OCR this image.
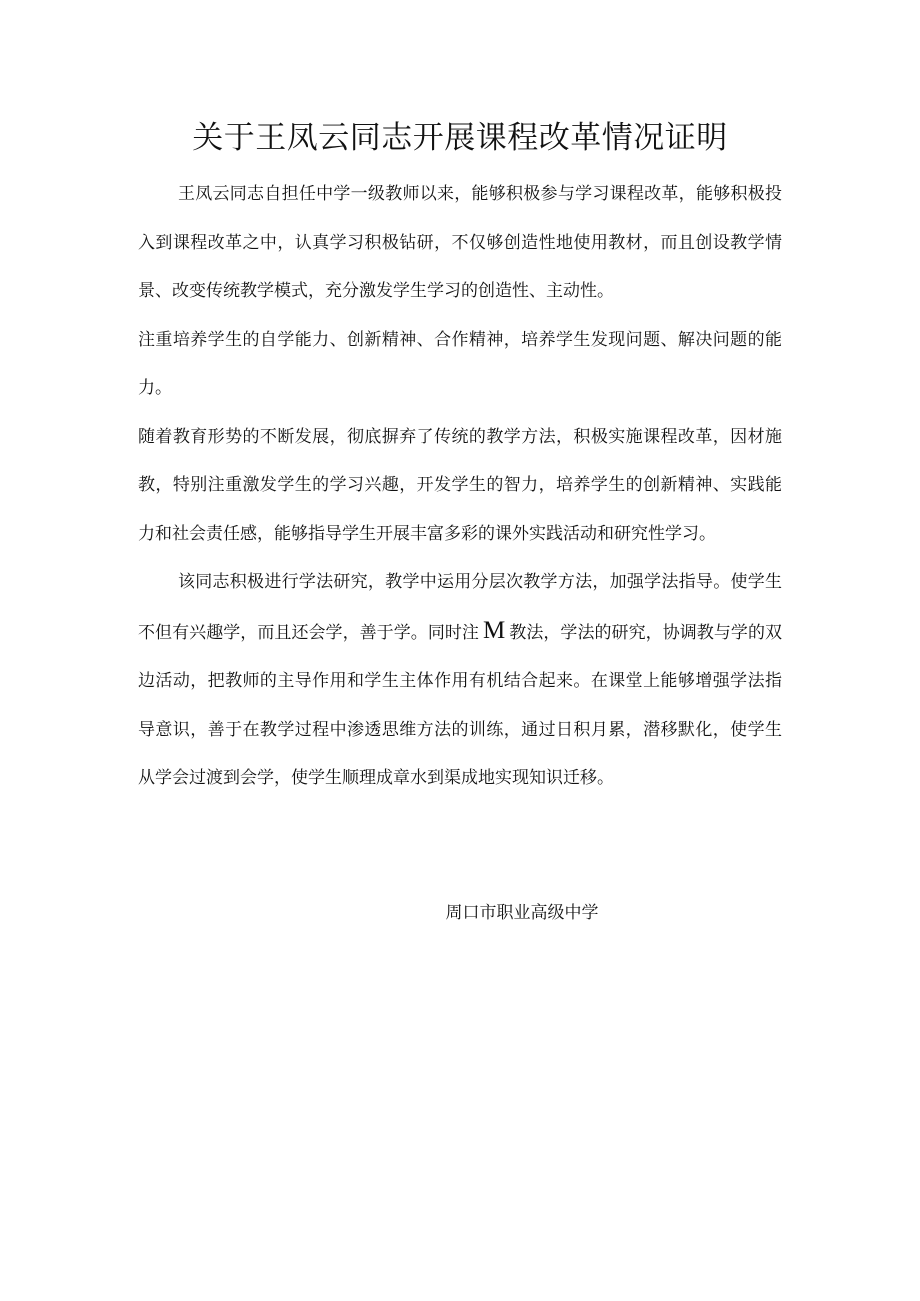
关于王凤云同志开展课程改革情况证明

王凤云同志自担任中学一级教师以来，能够积极参与学习课程改革，能够积极投入到课程改革之中，认真学习积极钻研，不仅够创造性地使用教材，而且创设教学情景、改变传统教学模式，充分激发学生学习的创造性、主动性。

注重培养学生的自学能力、创新精神、合作精神，培养学生发现问题、解决问题的能力。

随着教育形势的不断发展，彻底摒弃了传统的教学方法，积极实施课程改革，因材施教，特别注重激发学生的学习兴趣，开发学生的智力，培养学生的创新精神、实践能力和社会责任感，能够指导学生开展丰富多彩的课外实践活动和研究性学习。

该同志积极进行学法研究，教学中运用分层次教学方法，加强学法指导。使学生不但有兴趣学，而且还会学，善于学。同时注 M 教法，学法的研究，协调教与学的双边活动，把教师的主导作用和学生主体作用有机结合起来。在课堂上能够增强学法指导意识，善于在教学过程中渗透思维方法的训练，通过日积月累，潜移默化，使学生从学会过渡到会学，使学生顺理成章水到渠成地实现知识迁移。

周口市职业高级中学
